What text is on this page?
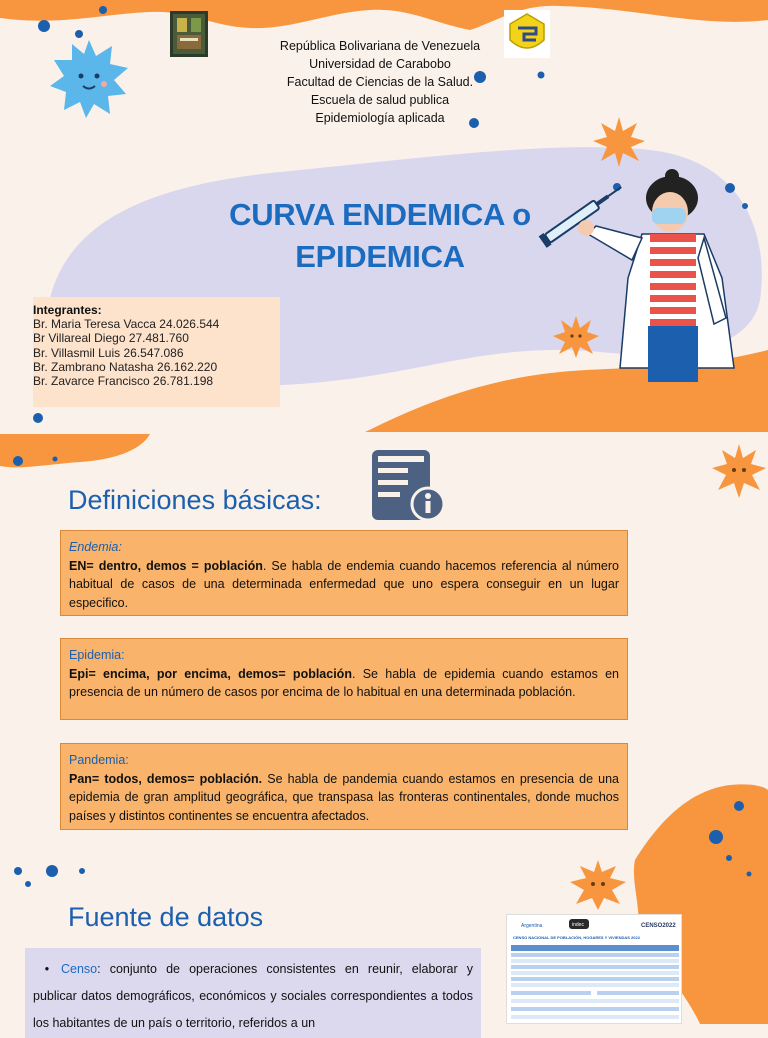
República Bolivariana de Venezuela
Universidad de Carabobo
Facultad de Ciencias de la Salud.
Escuela de salud publica
Epidemiología aplicada
CURVA ENDEMICA o
EPIDEMICA
Integrantes:
Br. Maria Teresa Vacca 24.026.544
Br Villareal Diego 27.481.760
Br. Villasmil Luis 26.547.086
Br. Zambrano Natasha 26.162.220
Br. Zavarce Francisco 26.781.198
Definiciones básicas:
Endemia:
EN= dentro, demos = población. Se habla de endemia cuando hacemos referencia al número habitual de casos de una determinada enfermedad que uno espera conseguir en un lugar especifico.
Epidemia:
Epi= encima, por encima, demos= población. Se habla de epidemia cuando estamos en presencia de un número de casos por encima de lo habitual en una determinada población.
Pandemia:
Pan= todos, demos= población. Se habla de pandemia cuando estamos en presencia de una epidemia de gran amplitud geográfica, que transpasa las fronteras continentales, donde muchos países y distintos continentes se encuentra afectados.
Fuente de datos
• Censo: conjunto de operaciones consistentes en reunir, elaborar y publicar datos demográficos, económicos y sociales correspondientes a todos los habitantes de un país o territorio, referidos a un
Argentina	indec	CENSO2022
CENSO NACIONAL DE POBLACIÓN, HOGARES Y VIVIENDAS 2022
